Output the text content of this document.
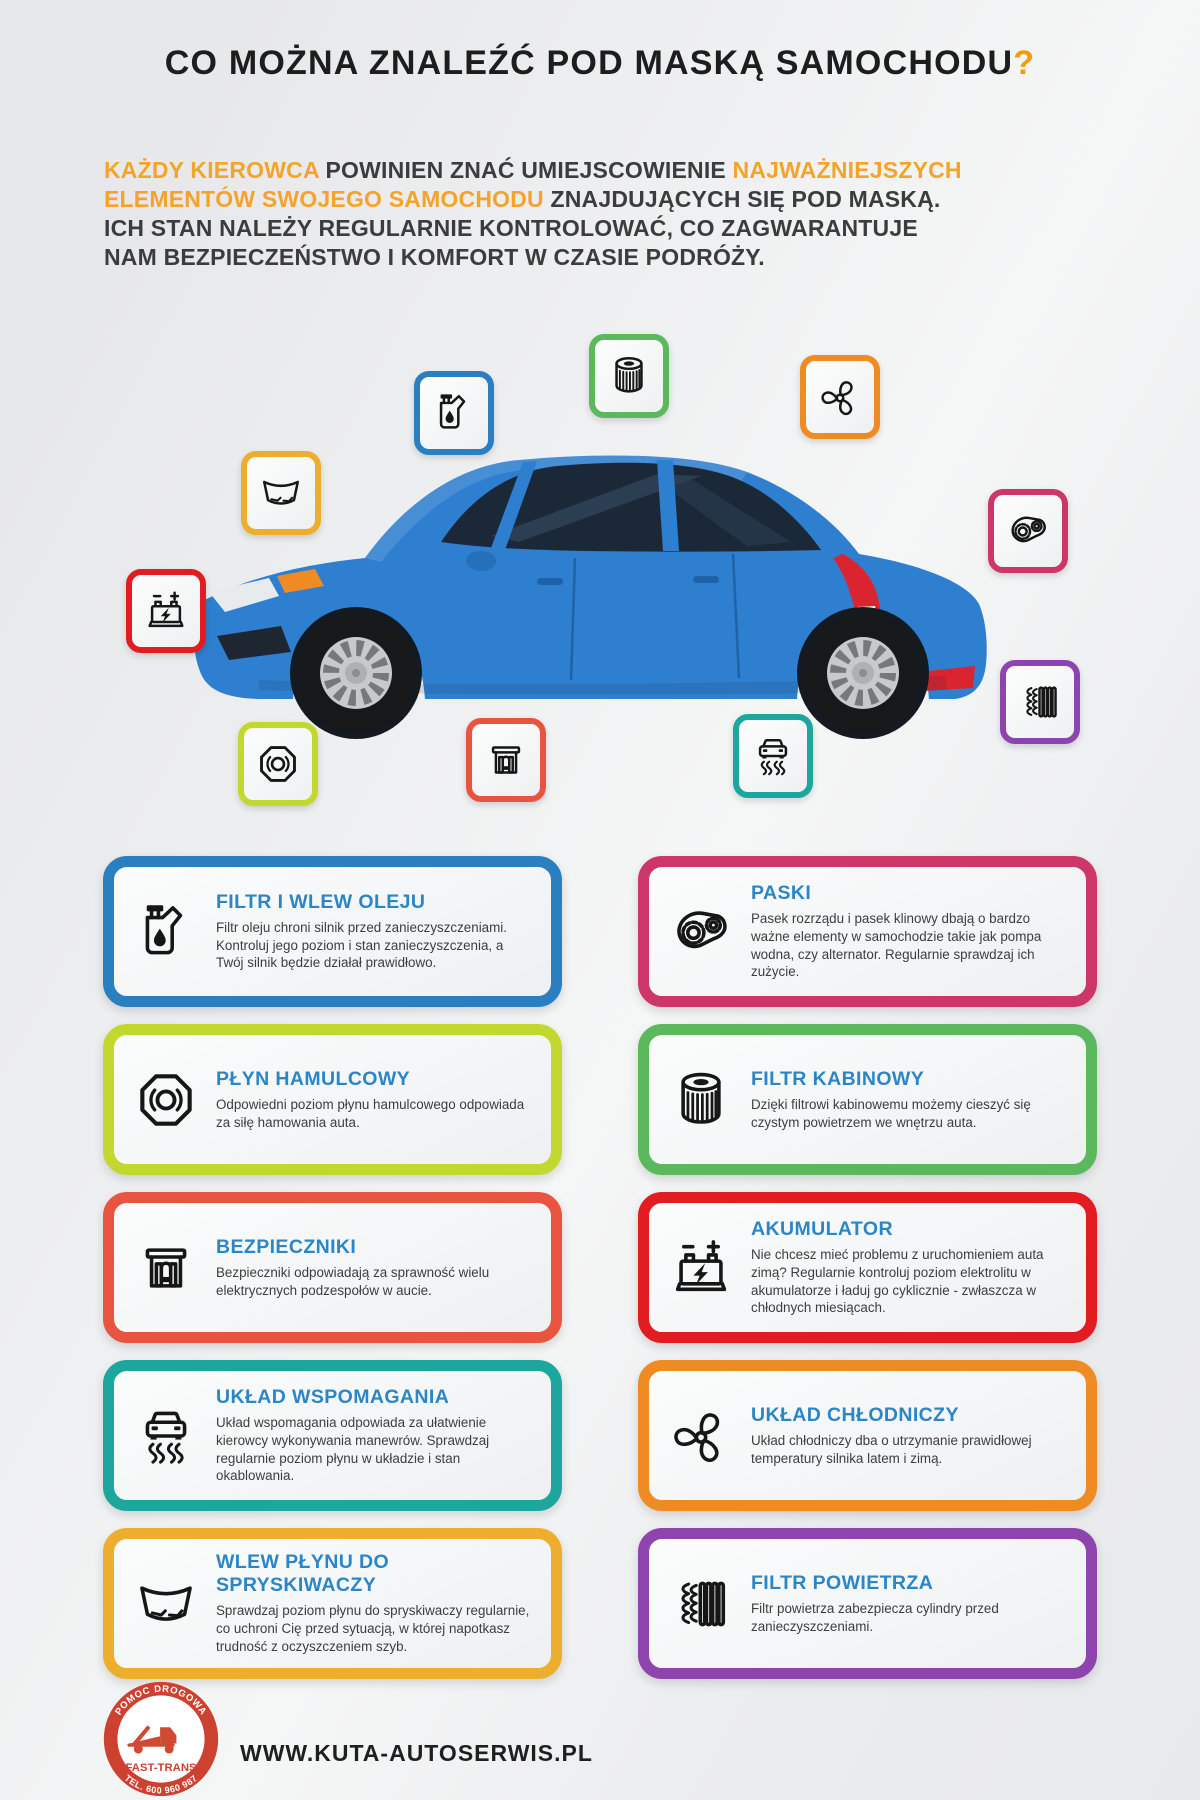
CO MOŻNA ZNALEŹĆ POD MASKĄ SAMOCHODU?
KAŻDY KIEROWCA POWINIEN ZNAĆ UMIEJSCOWIENIE NAJWAŻNIEJSZYCH ELEMENTÓW SWOJEGO SAMOCHODU ZNAJDUJĄCYCH SIĘ POD MASKĄ. ICH STAN NALEŻY REGULARNIE KONTROLOWAĆ, CO ZAGWARANTUJE NAM BEZPIECZEŃSTWO I KOMFORT W CZASIE PODRÓŻY.
FILTR I WLEW OLEJU
Filtr oleju chroni silnik przed zanieczyszczeniami. Kontroluj jego poziom i stan zanieczyszczenia, a Twój silnik będzie działał prawidłowo.
PASKI
Pasek rozrządu i pasek klinowy dbają o bardzo ważne elementy w samochodzie takie jak pompa wodna, czy alternator. Regularnie sprawdzaj ich zużycie.
PŁYN HAMULCOWY
Odpowiedni poziom płynu hamulcowego odpowiada za siłę hamowania auta.
FILTR KABINOWY
Dzięki filtrowi kabinowemu możemy cieszyć się czystym powietrzem we wnętrzu auta.
BEZPIECZNIKI
Bezpieczniki odpowiadają za sprawność wielu elektrycznych podzespołów w aucie.
AKUMULATOR
Nie chcesz mieć problemu z uruchomieniem auta zimą? Regularnie kontroluj poziom elektrolitu w akumulatorze i ładuj go cyklicznie - zwłaszcza w chłodnych miesiącach.
UKŁAD WSPOMAGANIA
Układ wspomagania odpowiada za ułatwienie kierowcy wykonywania manewrów. Sprawdzaj regularnie poziom płynu w układzie i stan okablowania.
UKŁAD CHŁODNICZY
Układ chłodniczy dba o utrzymanie prawidłowej temperatury silnika latem i zimą.
WLEW PŁYNU DO SPRYSKIWACZY
Sprawdzaj poziom płynu do spryskiwaczy regularnie, co uchroni Cię przed sytuacją, w której napotkasz trudność z oczyszczeniem szyb.
FILTR POWIETRZA
Filtr powietrza zabezpiecza cylindry przed zanieczyszczeniami.
POMOC DROGOWA
TEL. 600 960 987
FAST-TRANS
WWW.KUTA-AUTOSERWIS.PL
